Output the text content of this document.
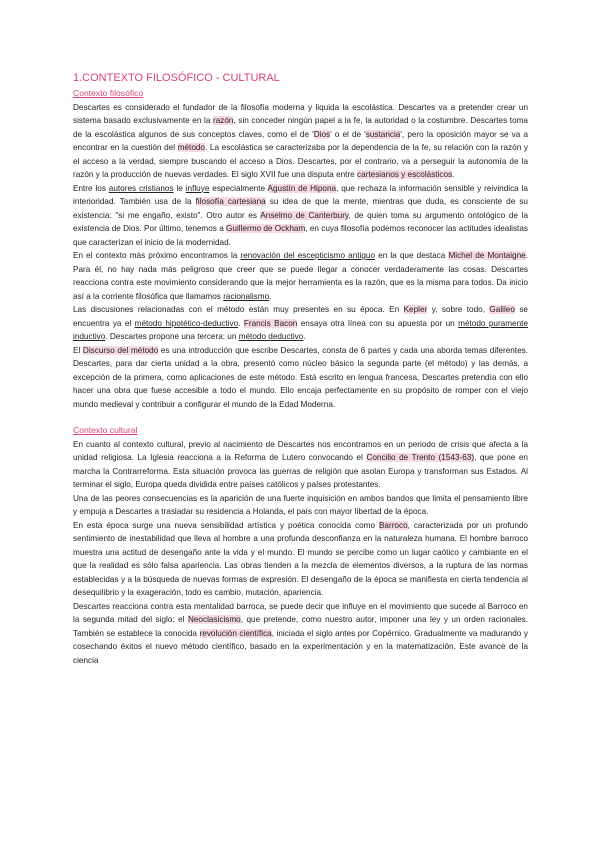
1.CONTEXTO FILOSÓFICO - CULTURAL
Contexto filosófico

Descartes es considerado el fundador de la filosofía moderna y liquida la escolástica. Descartes va a pretender crear un sistema basado exclusivamente en la razón, sin conceder ningún papel a la fe, la autoridad o la costumbre. Descartes toma de la escolástica algunos de sus conceptos claves, como el de 'Dios' o el de 'sustancia', pero la oposición mayor se va a encontrar en la cuestión del método. La escolástica se caracterizaba por la dependencia de la fe, su relación con la razón y el acceso a la verdad, siempre buscando el acceso a Dios. Descartes, por el contrario, va a perseguir la autonomía de la razón y la producción de nuevas verdades. El siglo XVII fue una disputa entre cartesianos y escolásticos.

Entre los autores cristianos le influye especialmente Agustín de Hipona, que rechaza la información sensible y reivindica la interioridad. También usa de la filosofía cartesiana su idea de que la mente, mientras que duda, es consciente de su existencia: "si me engaño, existo". Otro autor es Anselmo de Canterbury, de quien toma su argumento ontológico de la existencia de Dios. Por último, tenemos a Guillermo de Ockham, en cuya filosofía podemos reconocer las actitudes idealistas que caracterizan el inicio de la modernidad.

En el contexto más próximo encontramos la renovación del escepticismo antiguo en la que destaca Michel de Montaigne. Para él, no hay nada más peligroso que creer que se puede llegar a conocer verdaderamente las cosas. Descartes reacciona contra este movimiento considerando que la mejor herramienta es la razón, que es la misma para todos. Da inicio así a la corriente filosófica que llamamos racionalismo.

Las discusiones relacionadas con el método están muy presentes en su época. En Kepler y, sobre todo, Galileo se encuentra ya el método hipotético-deductivo. Francis Bacon ensaya otra línea con su apuesta por un método puramente inductivo. Descartes propone una tercera: un método deductivo.

El Discurso del método es una introducción que escribe Descartes, consta de 6 partes y cada una aborda temas diferentes. Descartes, para dar cierta unidad a la obra, presentó como núcleo básico la segunda parte (el método) y las demás, a excepción de la primera, como aplicaciones de este método. Está escrito en lengua francesa, Descartes pretendía con ello hacer una obra que fuese accesible a todo el mundo. Ello encaja perfectamente en su propósito de romper con el viejo mundo medieval y contribuir a configurar el mundo de la Edad Moderna.

Contexto cultural

En cuanto al contexto cultural, previo al nacimiento de Descartes nos encontramos en un periodo de crisis que afecta a la unidad religiosa. La Iglesia reacciona a la Reforma de Lutero convocando el Concilio de Trento (1543-63), que pone en marcha la Contrarreforma. Esta situación provoca las guerras de religión que asolan Europa y transforman sus Estados. Al terminar el siglo, Europa queda dividida entre países católicos y países protestantes.

Una de las peores consecuencias es la aparición de una fuerte inquisición en ambos bandos que limita el pensamiento libre y empuja a Descartes a trasladar su residencia a Holanda, el país con mayor libertad de la época.

En esta época surge una nueva sensibilidad artística y poética conocida como Barroco, caracterizada por un profundo sentimiento de inestabilidad que lleva al hombre a una profunda desconfianza en la naturaleza humana. El hombre barroco muestra una actitud de desengaño ante la vida y el mundo. El mundo se percibe como un lugar caótico y cambiante en el que la realidad es sólo falsa apariencia. Las obras tienden a la mezcla de elementos diversos, a la ruptura de las normas establecidas y a la búsqueda de nuevas formas de expresión. El desengaño de la época se manifiesta en cierta tendencia al desequilibrio y la exageración, todo es cambio, mutación, apariencia.

Descartes reacciona contra esta mentalidad barroca, se puede decir que influye en el movimiento que sucede al Barroco en la segunda mitad del siglo: el Neoclasicismo, que pretende, como nuestro autor, imponer una ley y un orden racionales. También se establece la conocida revolución científica, iniciada el siglo antes por Copérnico. Gradualmente va madurando y cosechando éxitos el nuevo método científico, basado en la experimentación y en la matematización. Este avance de la ciencia
